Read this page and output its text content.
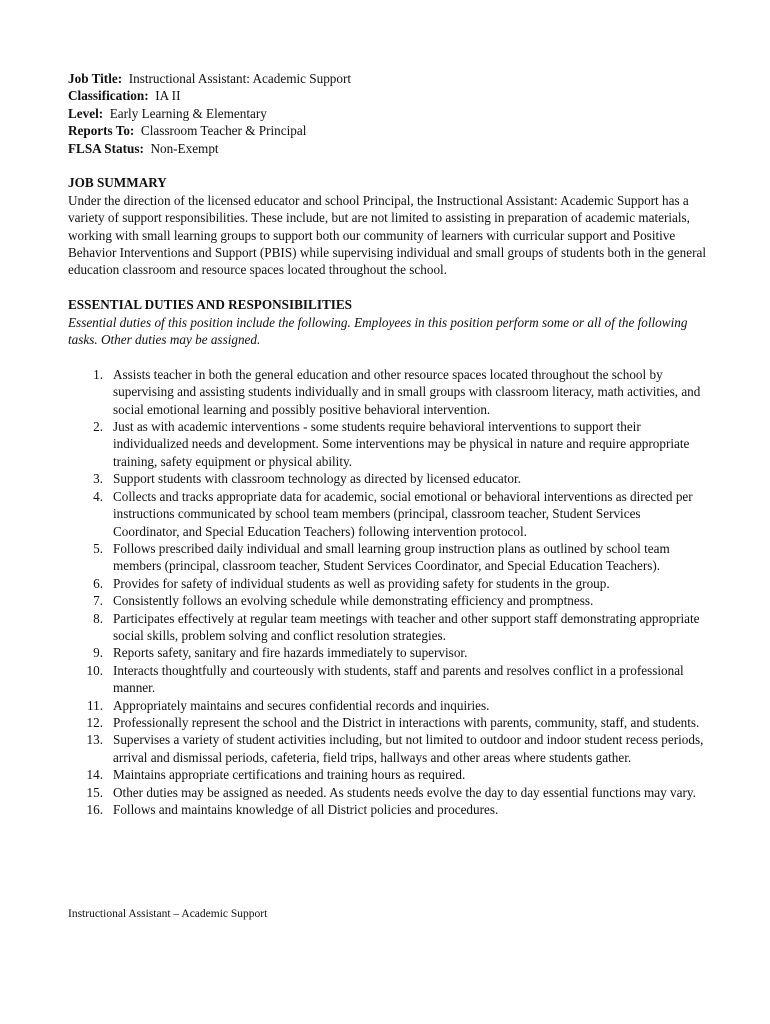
Job Title: Instructional Assistant: Academic Support
Classification: IA II
Level: Early Learning & Elementary
Reports To: Classroom Teacher & Principal
FLSA Status: Non-Exempt
JOB SUMMARY
Under the direction of the licensed educator and school Principal, the Instructional Assistant: Academic Support has a variety of support responsibilities. These include, but are not limited to assisting in preparation of academic materials, working with small learning groups to support both our community of learners with curricular support and Positive Behavior Interventions and Support (PBIS) while supervising individual and small groups of students both in the general education classroom and resource spaces located throughout the school.
ESSENTIAL DUTIES AND RESPONSIBILITIES
Essential duties of this position include the following. Employees in this position perform some or all of the following tasks. Other duties may be assigned.
1. Assists teacher in both the general education and other resource spaces located throughout the school by supervising and assisting students individually and in small groups with classroom literacy, math activities, and social emotional learning and possibly positive behavioral intervention.
2. Just as with academic interventions - some students require behavioral interventions to support their individualized needs and development. Some interventions may be physical in nature and require appropriate training, safety equipment or physical ability.
3. Support students with classroom technology as directed by licensed educator.
4. Collects and tracks appropriate data for academic, social emotional or behavioral interventions as directed per instructions communicated by school team members (principal, classroom teacher, Student Services Coordinator, and Special Education Teachers) following intervention protocol.
5. Follows prescribed daily individual and small learning group instruction plans as outlined by school team members (principal, classroom teacher, Student Services Coordinator, and Special Education Teachers).
6. Provides for safety of individual students as well as providing safety for students in the group.
7. Consistently follows an evolving schedule while demonstrating efficiency and promptness.
8. Participates effectively at regular team meetings with teacher and other support staff demonstrating appropriate social skills, problem solving and conflict resolution strategies.
9. Reports safety, sanitary and fire hazards immediately to supervisor.
10. Interacts thoughtfully and courteously with students, staff and parents and resolves conflict in a professional manner.
11. Appropriately maintains and secures confidential records and inquiries.
12. Professionally represent the school and the District in interactions with parents, community, staff, and students.
13. Supervises a variety of student activities including, but not limited to outdoor and indoor student recess periods, arrival and dismissal periods, cafeteria, field trips, hallways and other areas where students gather.
14. Maintains appropriate certifications and training hours as required.
15. Other duties may be assigned as needed. As students needs evolve the day to day essential functions may vary.
16. Follows and maintains knowledge of all District policies and procedures.
Instructional Assistant – Academic Support
